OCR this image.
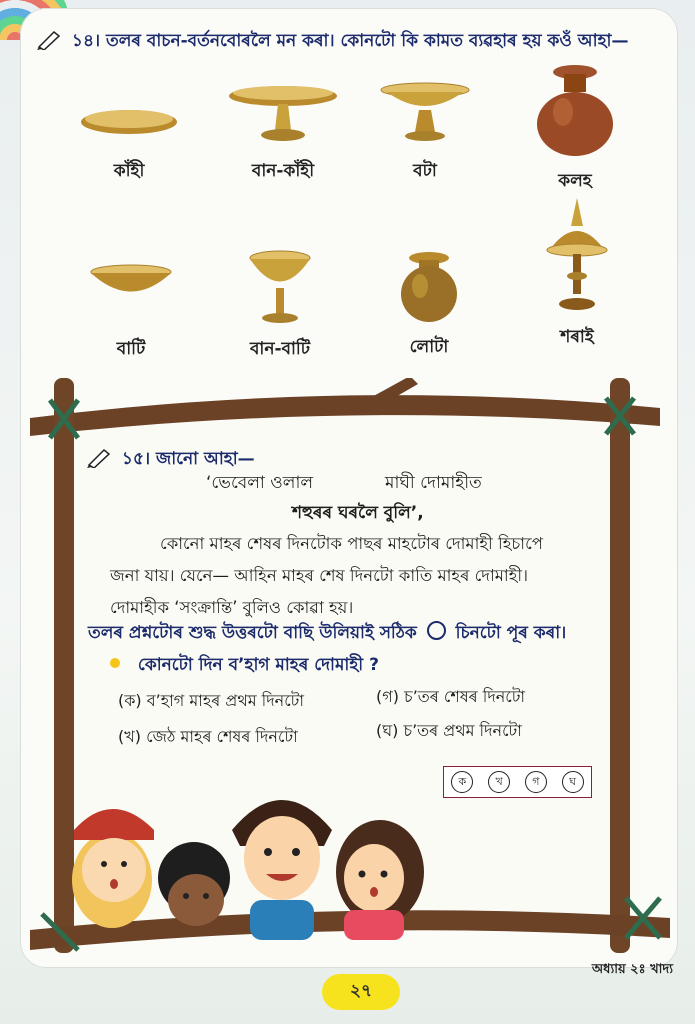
১৪। তলৰ বাচন-বৰ্তনবোৰলৈ মন কৰা। কোনটো কি কামত ব্যৱহাৰ হয় কওঁ আহা—
কাঁহী	বান-কাঁহী	বটা	কলহ
বাটি	বান-বাটি	লোটা	শৰাই
১৫। জানো আহা—
‘ভেবেলা ওলাল	মাঘী দোমাহীত
শহুৰৰ ঘৰলৈ বুলি’,
কোনো মাহৰ শেষৰ দিনটোক পাছৰ মাহটোৰ দোমাহী হিচাপে
জনা যায়। যেনে— আহিন মাহৰ শেষ দিনটো কাতি মাহৰ দোমাহী।
দোমাহীক ‘সংক্ৰান্তি’ বুলিও কোৱা হয়।
তলৰ প্ৰশ্নটোৰ শুদ্ধ উত্তৰটো বাছি উলিয়াই সঠিক চিনটো পূৰ কৰা।
কোনটো দিন ব’হাগ মাহৰ দোমাহী ?
(ক) ব’হাগ মাহৰ প্ৰথম দিনটো
(খ) জেঠ মাহৰ শেষৰ দিনটো
(গ) চ’তৰ শেষৰ দিনটো
(ঘ) চ’তৰ প্ৰথম দিনটো
ক	খ	গ	ঘ
অধ্যায় ২ঃ খাদ্য
২৭
